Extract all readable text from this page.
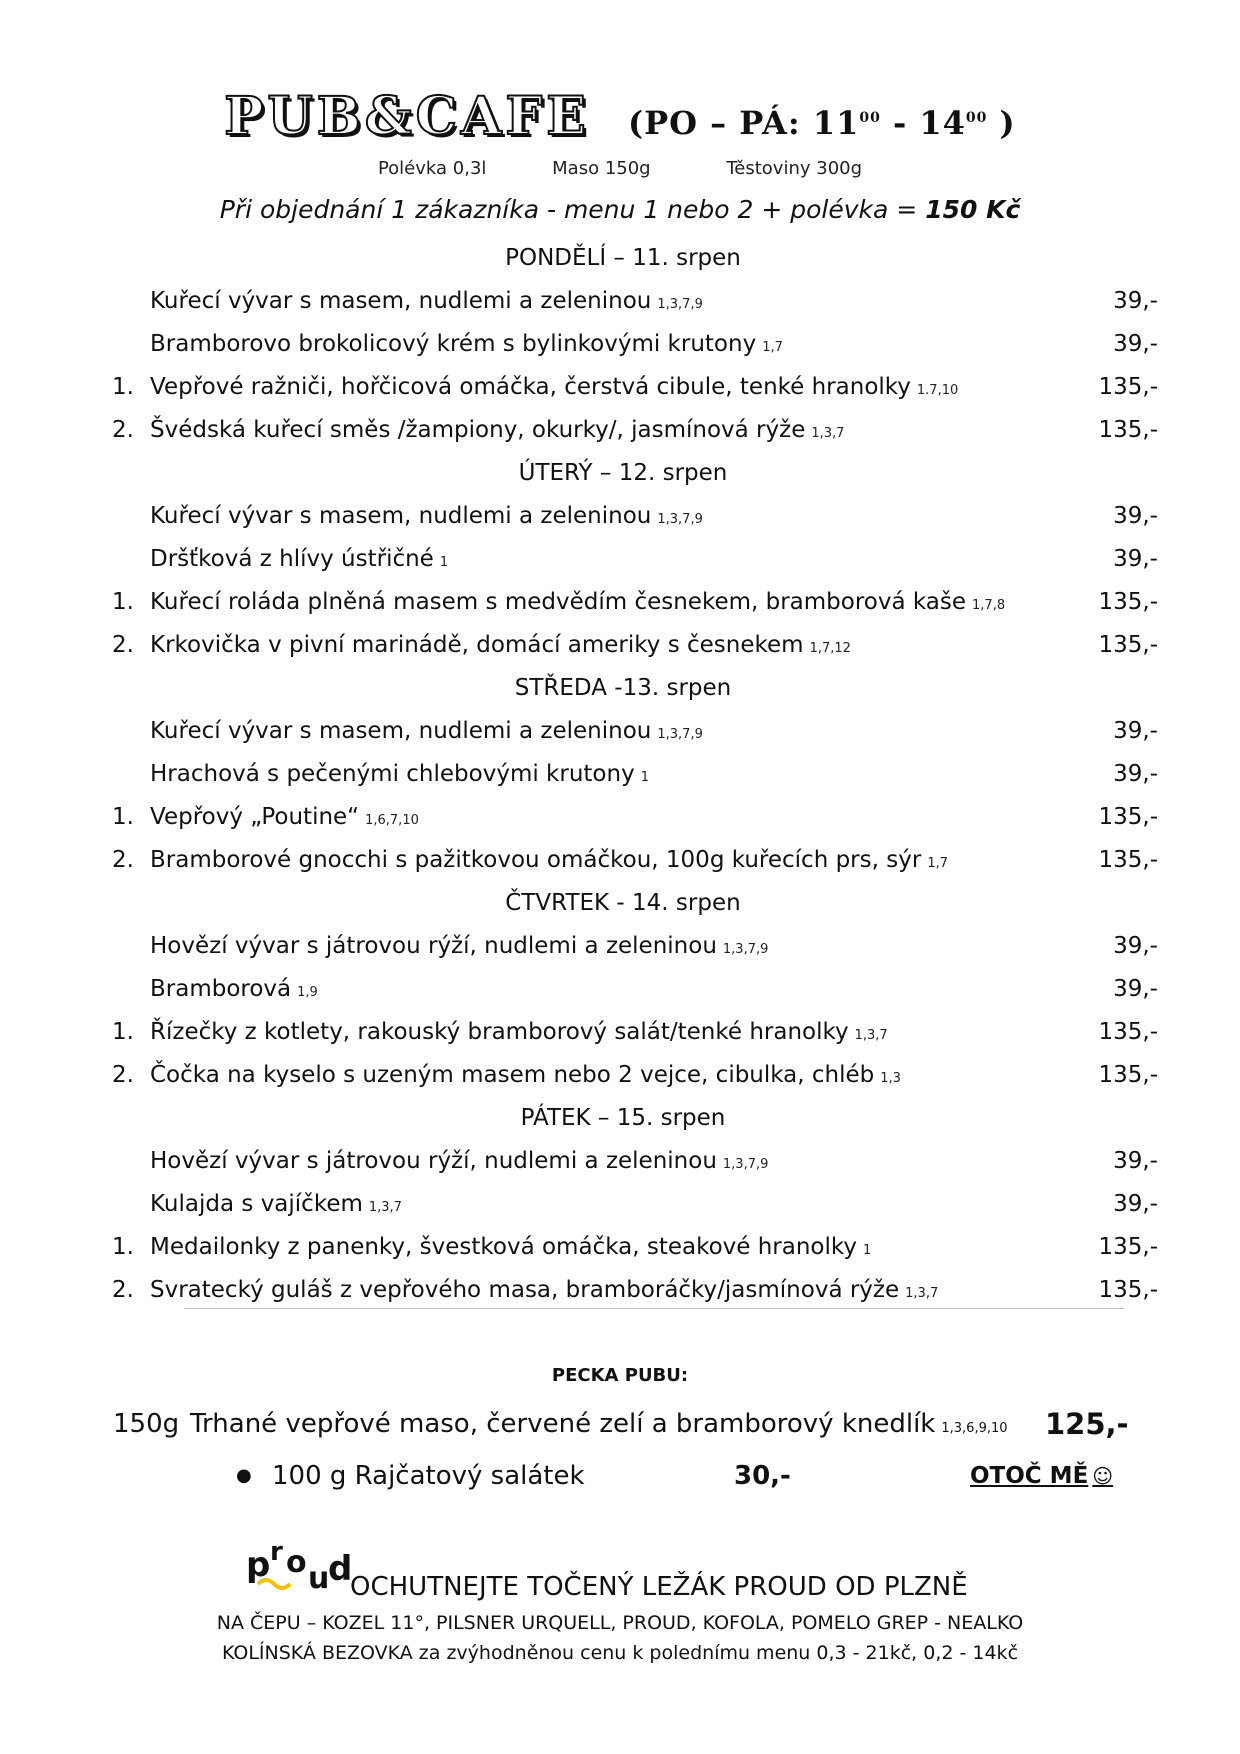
PUB&CAFE (PO – PÁ: $11^{00} - 14^{00}$ )
Polévka 0,3l	Maso 150g	Těstoviny 300g
Při objednání 1 zákazníka - menu 1 nebo 2 + polévka = 150 Kč
PONDĚLÍ – 11. srpen
Kuřecí vývar s masem, nudlemi a zeleninou 1,3,7,9	39,-
Bramborovo brokolicový krém s bylinkovými krutony 1,7	39,-
1. Vepřové ražniči, hořčicová omáčka, čerstvá cibule, tenké hranolky 1.7,10	135,-
2. Švédská kuřecí směs /žampiony, okurky/, jasmínová rýže 1,3,7	135,-
ÚTERÝ – 12. srpen
Kuřecí vývar s masem, nudlemi a zeleninou 1,3,7,9	39,-
Dršťková z hlívy ústřičné 1	39,-
1. Kuřecí roláda plněná masem s medvědím česnekem, bramborová kaše 1,7,8	135,-
2. Krkovička v pivní marinádě, domácí ameriky s česnekem 1,7,12	135,-
STŘEDA -13. srpen
Kuřecí vývar s masem, nudlemi a zeleninou 1,3,7,9	39,-
Hrachová s pečenými chlebovými krutony 1	39,-
1. Vepřový „Poutine“ 1,6,7,10	135,-
2. Bramborové gnocchi s pažitkovou omáčkou, 100g kuřecích prs, sýr 1,7	135,-
ČTVRTEK - 14. srpen
Hovězí vývar s játrovou rýží, nudlemi a zeleninou 1,3,7,9	39,-
Bramborová 1,9	39,-
1. Řízečky z kotlety, rakouský bramborový salát/tenké hranolky 1,3,7	135,-
2. Čočka na kyselo s uzeným masem nebo 2 vejce, cibulka, chléb 1,3	135,-
PÁTEK – 15. srpen
Hovězí vývar s játrovou rýží, nudlemi a zeleninou 1,3,7,9	39,-
Kulajda s vajíčkem 1,3,7	39,-
1. Medailonky z panenky, švestková omáčka, steakové hranolky 1	135,-
2. Svratecký guláš z vepřového masa, bramboráčky/jasmínová rýže 1,3,7	135,-
PECKA PUBU:
150g Trhané vepřové maso, červené zelí a bramborový knedlík 1,3,6,9,10 125,-
● 100 g Rajčatový salátek	30,-	OTOČ MĚ ☺
p r o u
d
OCHUTNEJTE TOČENÝ LEŽÁK PROUD OD PLZNĚ
NA ČEPU – KOZEL 11°, PILSNER URQUELL, PROUD, KOFOLA, POMELO GREP - NEALKO
KOLÍNSKÁ BEZOVKA za zvýhodněnou cenu k polednímu menu 0,3 - 21kč, 0,2 - 14kč
